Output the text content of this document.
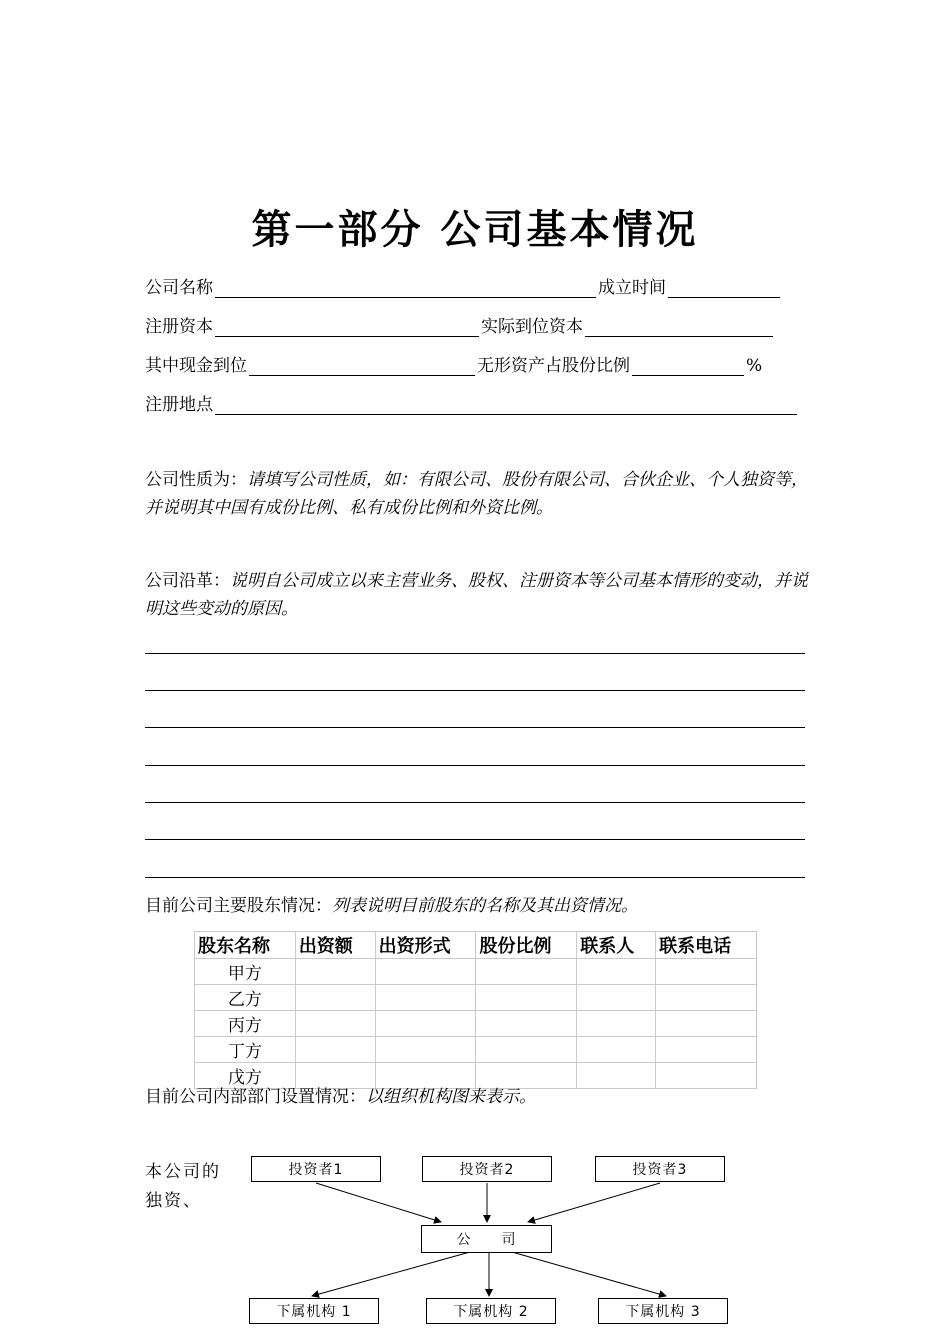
第一部分 公司基本情况
公司名称	成立时间
注册资本	实际到位资本
其中现金到位	无形资产占股份比例	%
注册地点
公司性质为：请填写公司性质，如：有限公司、股份有限公司、合伙企业、个人独资等，并说明其中国有成份比例、私有成份比例和外资比例。
公司沿革：说明自公司成立以来主营业务、股权、注册资本等公司基本情形的变动，并说明这些变动的原因。
目前公司主要股东情况：列表说明目前股东的名称及其出资情况。
股东名称	出资额	出资形式	股份比例	联系人	联系电话
甲方					
乙方					
丙方					
丁方					
戊方					
目前公司内部部门设置情况：以组织机构图来表示。
本公司的独资、
投资者1	投资者2	投资者3
公　　司
下属机构 1	下属机构 2	下属机构 3
